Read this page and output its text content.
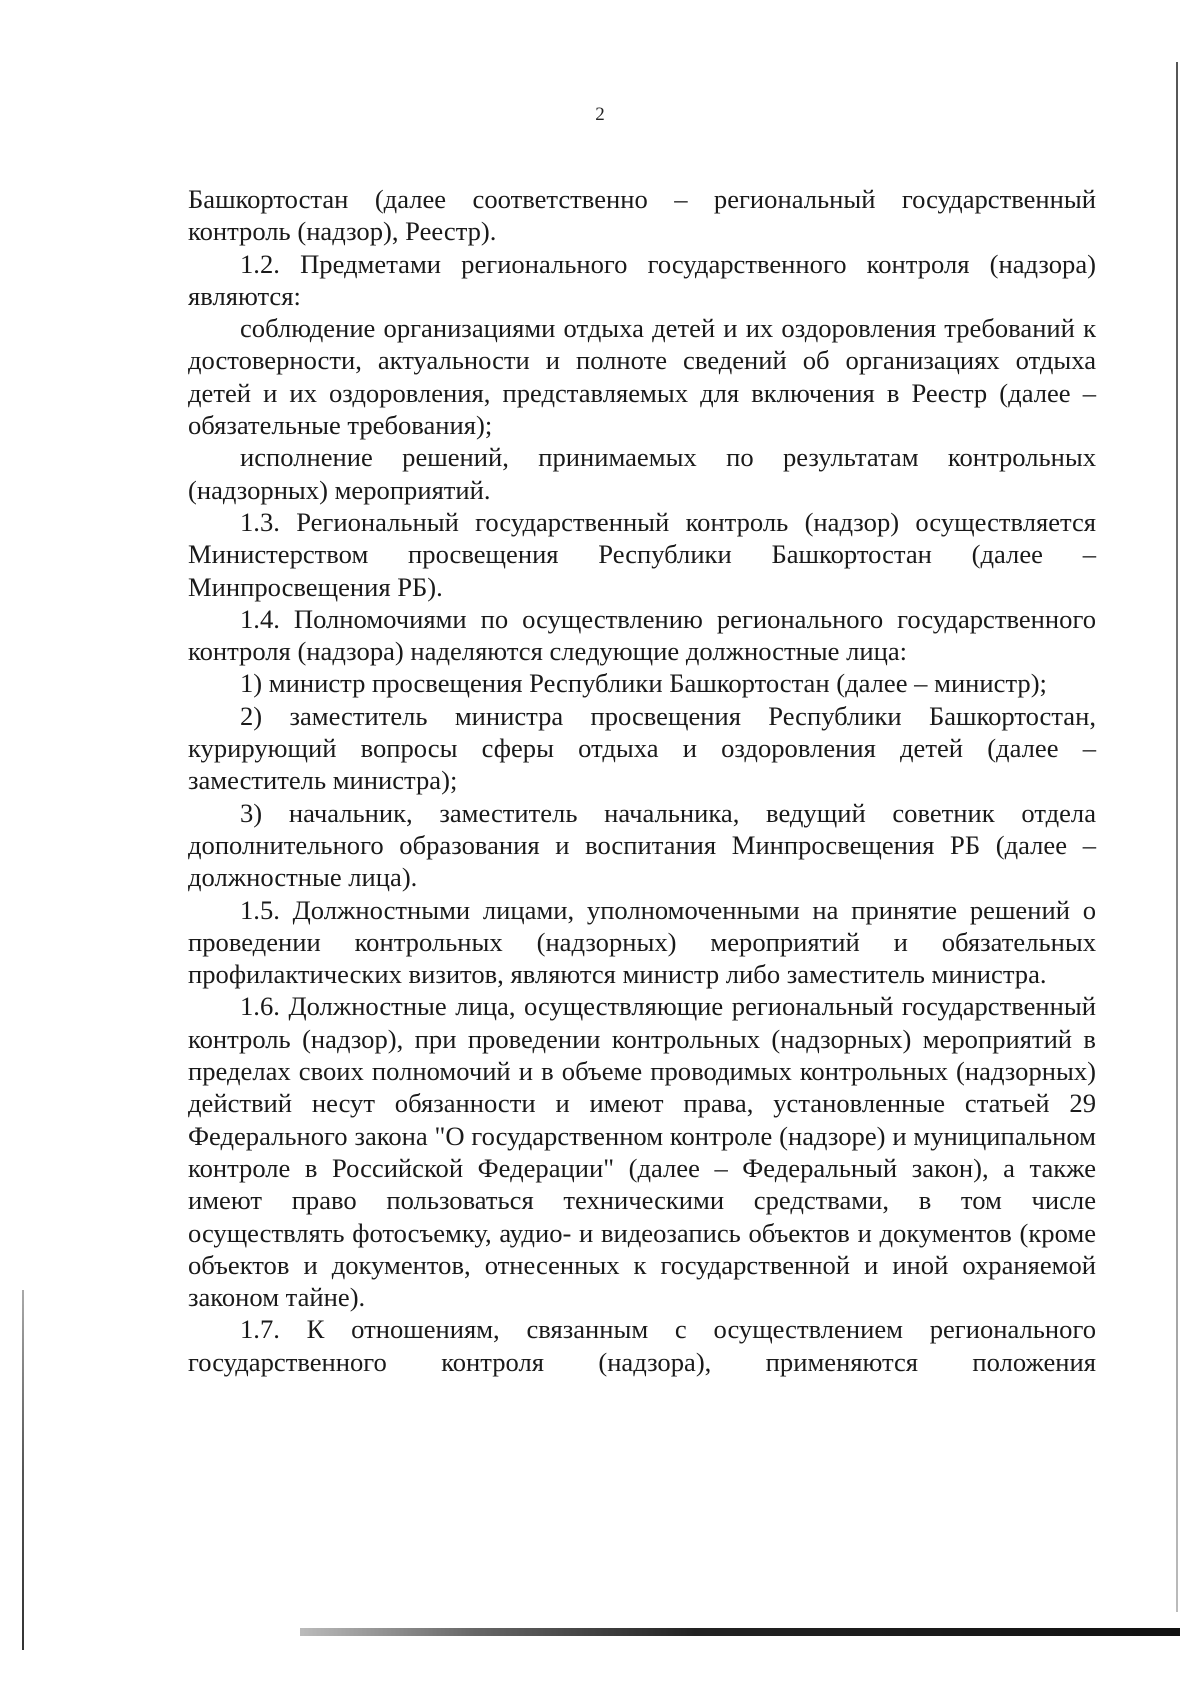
2

Башкортостан (далее соответственно – региональный государственный контроль (надзор), Реестр).

1.2. Предметами регионального государственного контроля (надзора) являются:

соблюдение организациями отдыха детей и их оздоровления требований к достоверности, актуальности и полноте сведений об организациях отдыха детей и их оздоровления, представляемых для включения в Реестр (далее – обязательные требования);

исполнение решений, принимаемых по результатам контрольных (надзорных) мероприятий.

1.3. Региональный государственный контроль (надзор) осуществляется Министерством просвещения Республики Башкортостан (далее – Минпросвещения РБ).

1.4. Полномочиями по осуществлению регионального государственного контроля (надзора) наделяются следующие должностные лица:

1) министр просвещения Республики Башкортостан (далее – министр);

2) заместитель министра просвещения Республики Башкортостан, курирующий вопросы сферы отдыха и оздоровления детей (далее – заместитель министра);

3) начальник, заместитель начальника, ведущий советник отдела дополнительного образования и воспитания Минпросвещения РБ (далее – должностные лица).

1.5. Должностными лицами, уполномоченными на принятие решений о проведении контрольных (надзорных) мероприятий и обязательных профилактических визитов, являются министр либо заместитель министра.

1.6. Должностные лица, осуществляющие региональный государственный контроль (надзор), при проведении контрольных (надзорных) мероприятий в пределах своих полномочий и в объеме проводимых контрольных (надзорных) действий несут обязанности и имеют права, установленные статьей 29 Федерального закона "О государственном контроле (надзоре) и муниципальном контроле в Российской Федерации" (далее – Федеральный закон), а также имеют право пользоваться техническими средствами, в том числе осуществлять фотосъемку, аудио- и видеозапись объектов и документов (кроме объектов и документов, отнесенных к государственной и иной охраняемой законом тайне).

1.7. К отношениям, связанным с осуществлением регионального государственного контроля (надзора), применяются положения
